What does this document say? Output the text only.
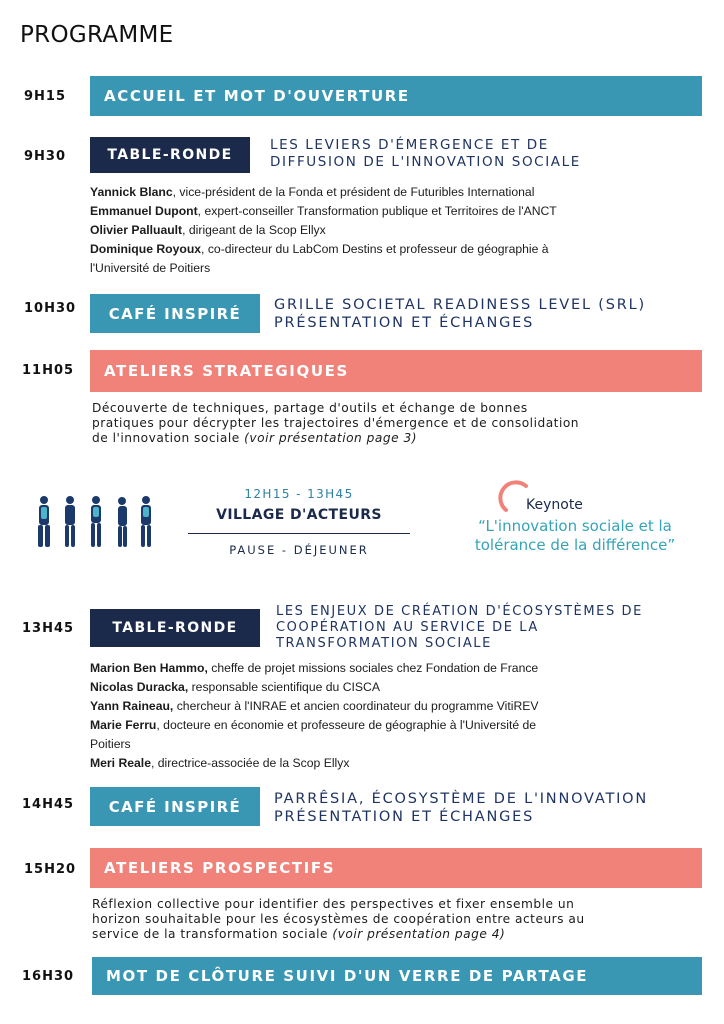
PROGRAMME
9H15	ACCUEIL ET MOT D'OUVERTURE
9H30	TABLE-RONDE
LES LEVIERS D'ÉMERGENCE ET DE
DIFFUSION DE L'INNOVATION SOCIALE
Yannick Blanc, vice-président de la Fonda et président de Futuribles International
Emmanuel Dupont, expert-conseiller Transformation publique et Territoires de l'ANCT
Olivier Palluault, dirigeant de la Scop Ellyx
Dominique Royoux, co-directeur du LabCom Destins et professeur de géographie à
l'Université de Poitiers
10H30	CAFÉ INSPIRÉ	GRILLE SOCIETAL READINESS LEVEL (SRL)
PRÉSENTATION ET ÉCHANGES
11H05	ATELIERS STRATEGIQUES
Découverte de techniques, partage d'outils et échange de bonnes
pratiques pour décrypter les trajectoires d'émergence et de consolidation
de l'innovation sociale (voir présentation page 3)
12H15 - 13H45
VILLAGE D'ACTEURS
PAUSE - DÉJEUNER
Keynote
“L'innovation sociale et la
tolérance de la différence”
13H45	TABLE-RONDE
LES ENJEUX DE CRÉATION D'ÉCOSYSTÈMES DE
COOPÉRATION AU SERVICE DE LA
TRANSFORMATION SOCIALE
Marion Ben Hammo, cheffe de projet missions sociales chez Fondation de France
Nicolas Duracka, responsable scientifique du CISCA
Yann Raineau, chercheur à l'INRAE et ancien coordinateur du programme VitiREV
Marie Ferru, docteure en économie et professeure de géographie à l'Université de
Poitiers
Meri Reale, directrice-associée de la Scop Ellyx
14H45	CAFÉ INSPIRÉ	PARRÊSIA, ÉCOSYSTÈME DE L'INNOVATION
PRÉSENTATION ET ÉCHANGES
15H20	ATELIERS PROSPECTIFS
Réflexion collective pour identifier des perspectives et fixer ensemble un
horizon souhaitable pour les écosystèmes de coopération entre acteurs au
service de la transformation sociale (voir présentation page 4)
16H30	MOT DE CLÔTURE SUIVI D'UN VERRE DE PARTAGE
